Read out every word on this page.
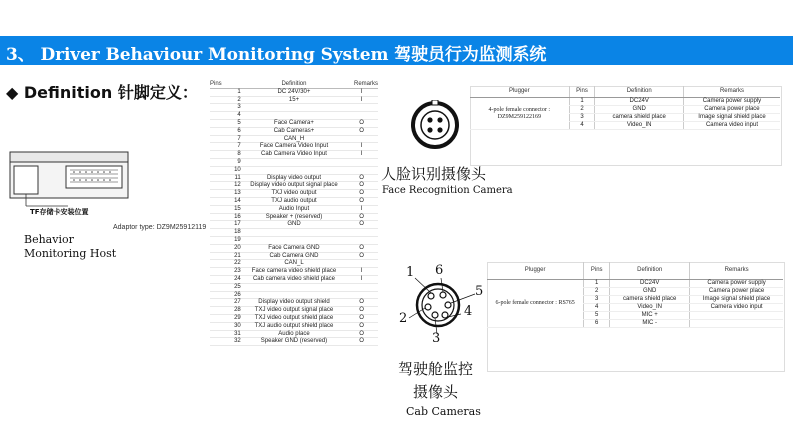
3、 Driver Behaviour Monitoring System 驾驶员行为监测系统
◆ Definition 针脚定义：
TF存储卡安装位置
Behavior
Monitoring Host
Adaptor type: DZ9M25912119
Pins	Definition	Remarks
1	DC 24V/30+	I
2	15+	I
3		
4		
5	Face Camera+	O
6	Cab Cameras+	O
7	CAN_H	
7	Face Camera Video Input	I
8	Cab Camera Video Input	I
9		
10		
11	Display video output	O
12	Display video output signal place	O
13	TXJ video output	O
14	TXJ audio output	O
15	Audio Input	I
16	Speaker + (reserved)	O
17	GND	O
18		
19		
20	Face Camera GND	O
21	Cab Camera GND	O
22	CAN_L	
23	Face camera video shield place	I
24	Cab camera video shield place	I
25		
26		
27	Display video output shield	O
28	TXJ video output signal place	O
29	TXJ video output shield place	O
30	TXJ audio output shield place	O
31	Audio place	O
32	Speaker GND (reserved)	O
人脸识别摄像头
Face Recognition Camera
Plugger	Pins	Definition	Remarks

4-pole female connector :
DZ9M259122169	1	DC24V	Camera power supply
	2	GND	Camera power place
	3	camera shield place	Image signal shield place
	4	Video_IN	Camera video input
1 6
5
2
3
4
驾驶舱监控
摄像头
Cab Cameras
Plugger	Pins	Definition	Remarks
6-pole female connector : RS765	1	DC24V	Camera power supply
	2	GND	Camera power place
	3	camera shield place	Image signal shield place
	4	Video_IN	Camera video input
	5	MIC +	
	6	MIC -	
